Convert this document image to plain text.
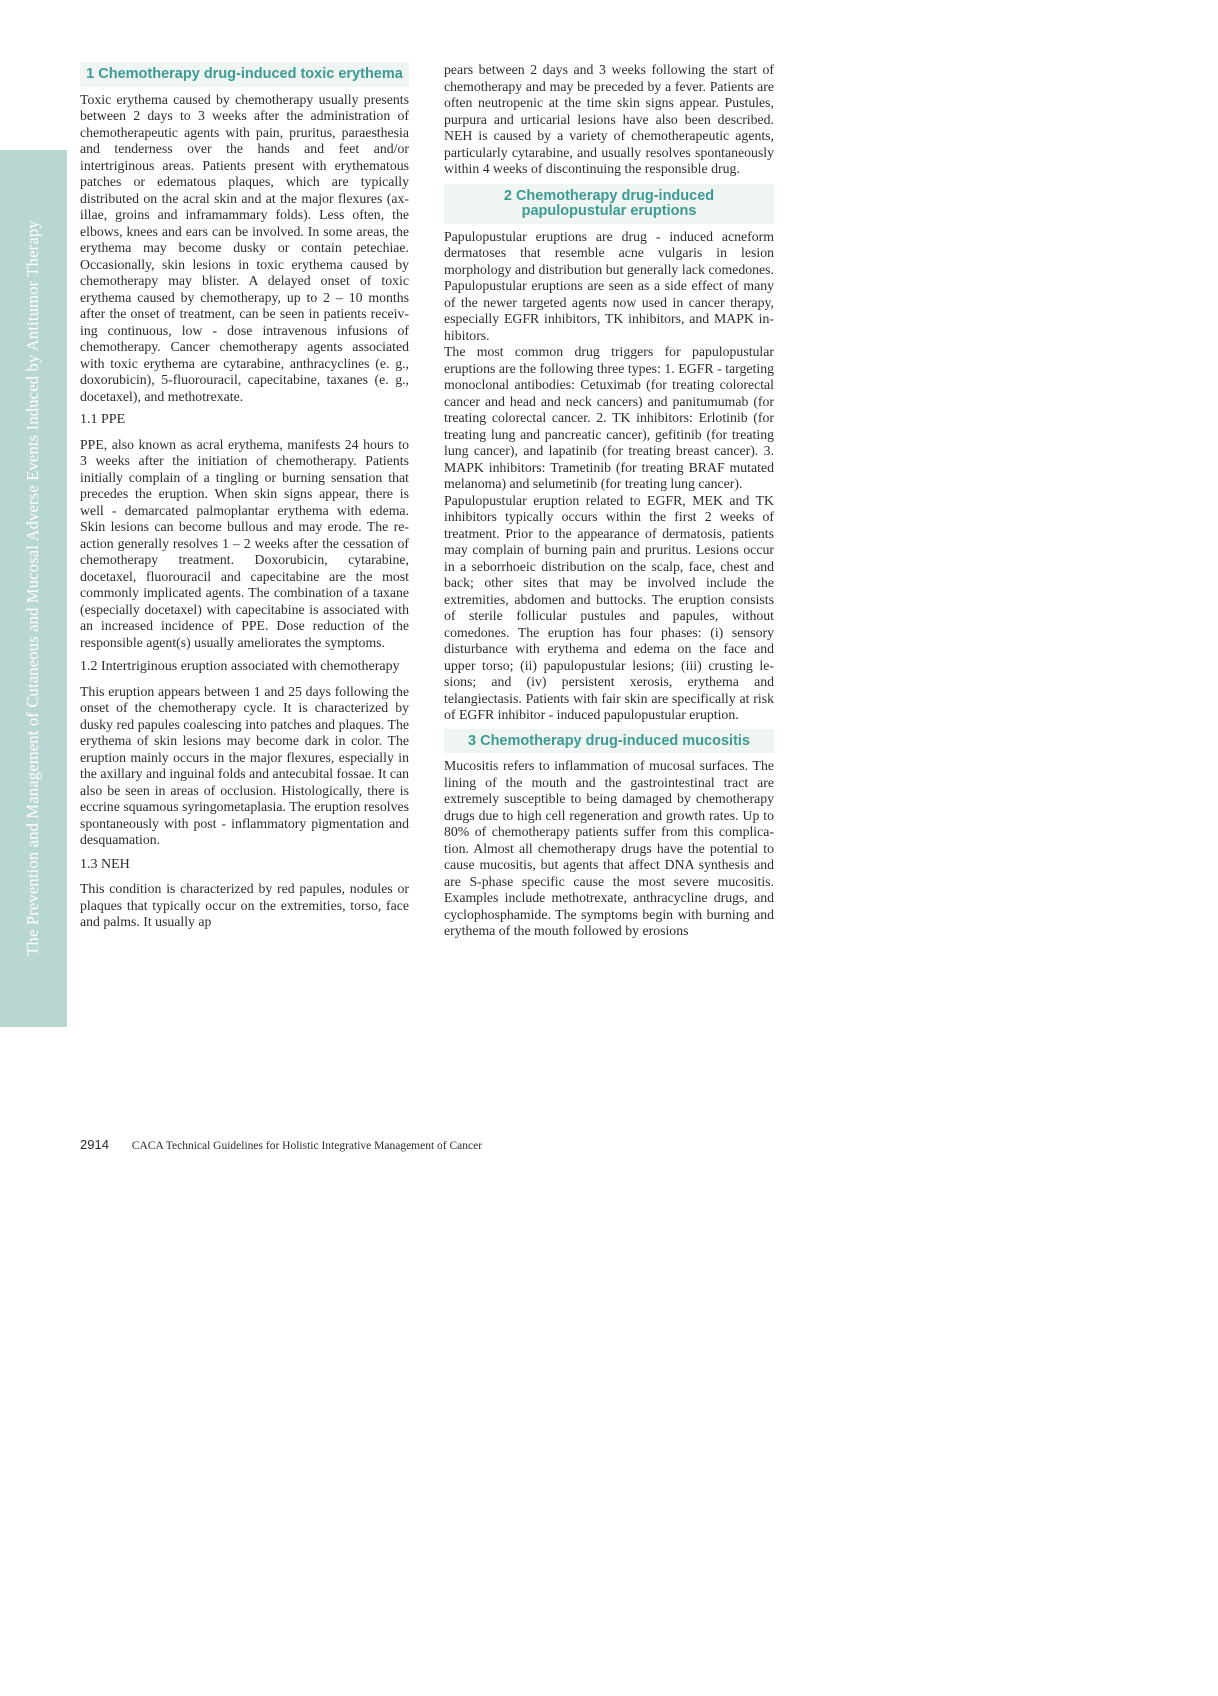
The Prevention and Management of Cutaneous and Mucosal Adverse Events Induced by Antitumor Therapy
1 Chemotherapy drug-induced toxic erythema

Toxic erythema caused by chemotherapy usually presents between 2 days to 3 weeks after the administration of chemotherapeutic agents with pain, pruritus, paraesthesia and tenderness over the hands and feet and/or intertriginous areas. Patients present with erythematous patches or edematous plaques, which are typically distributed on the acral skin and at the major flexures (axillae, groins and inframammary folds). Less often, the elbows, knees and ears can be involved. In some areas, the erythema may become dusky or contain petechiae. Occasionally, skin lesions in toxic erythema caused by chemotherapy may blister. A delayed onset of toxic erythema caused by chemotherapy, up to 2 – 10 months after the onset of treatment, can be seen in patients receiving continuous, low - dose intravenous infusions of chemotherapy. Cancer chemotherapy agents associated with toxic erythema are cytarabine, anthracyclines (e. g., doxorubicin), 5-fluorouracil, capecitabine, taxanes (e. g., docetaxel), and methotrexate.

1.1 PPE

PPE, also known as acral erythema, manifests 24 hours to 3 weeks after the initiation of chemotherapy. Patients initially complain of a tingling or burning sensation that precedes the eruption. When skin signs appear, there is well - demarcated palmoplantar erythema with edema. Skin lesions can become bullous and may erode. The reaction generally resolves 1 – 2 weeks after the cessation of chemotherapy treatment. Doxorubicin, cytarabine, docetaxel, fluorouracil and capecitabine are the most commonly implicated agents. The combination of a taxane (especially docetaxel) with capecitabine is associated with an increased incidence of PPE. Dose reduction of the responsible agent(s) usually ameliorates the symptoms.

1.2 Intertriginous eruption associated with chemotherapy

This eruption appears between 1 and 25 days following the onset of the chemotherapy cycle. It is characterized by dusky red papules coalescing into patches and plaques. The erythema of skin lesions may become dark in color. The eruption mainly occurs in the major flexures, especially in the axillary and inguinal folds and antecubital fossae. It can also be seen in areas of occlusion. Histologically, there is eccrine squamous syringometaplasia. The eruption resolves spontaneously with post - inflammatory pigmentation and desquamation.

1.3 NEH

This condition is characterized by red papules, nodules or plaques that typically occur on the extremities, torso, face and palms. It usually ap

pears between 2 days and 3 weeks following the start of chemotherapy and may be preceded by a fever. Patients are often neutropenic at the time skin signs appear. Pustules, purpura and urticarial lesions have also been described. NEH is caused by a variety of chemotherapeutic agents, particularly cytarabine, and usually resolves spontaneously within 4 weeks of discontinuing the responsible drug.

2 Chemotherapy drug-induced papulopustular eruptions

Papulopustular eruptions are drug - induced acneform dermatoses that resemble acne vulgaris in lesion morphology and distribution but generally lack comedones. Papulopustular eruptions are seen as a side effect of many of the newer targeted agents now used in cancer therapy, especially EGFR inhibitors, TK inhibitors, and MAPK inhibitors.

The most common drug triggers for papulopustular eruptions are the following three types: 1. EGFR - targeting monoclonal antibodies: Cetuximab (for treating colorectal cancer and head and neck cancers) and panitumumab (for treating colorectal cancer. 2. TK inhibitors: Erlotinib (for treating lung and pancreatic cancer), gefitinib (for treating lung cancer), and lapatinib (for treating breast cancer). 3. MAPK inhibitors: Trametinib (for treating BRAF mutated melanoma) and selumetinib (for treating lung cancer).

Papulopustular eruption related to EGFR, MEK and TK inhibitors typically occurs within the first 2 weeks of treatment. Prior to the appearance of dermatosis, patients may complain of burning pain and pruritus. Lesions occur in a seborrhoeic distribution on the scalp, face, chest and back; other sites that may be involved include the extremities, abdomen and buttocks. The eruption consists of sterile follicular pustules and papules, without comedones. The eruption has four phases: (i) sensory disturbance with erythema and edema on the face and upper torso; (ii) papulopustular lesions; (iii) crusting lesions; and (iv) persistent xerosis, erythema and telangiectasis. Patients with fair skin are specifically at risk of EGFR inhibitor - induced papulopustular eruption.

3 Chemotherapy drug-induced mucositis

Mucositis refers to inflammation of mucosal surfaces. The lining of the mouth and the gastrointestinal tract are extremely susceptible to being damaged by chemotherapy drugs due to high cell regeneration and growth rates. Up to 80% of chemotherapy patients suffer from this complication. Almost all chemotherapy drugs have the potential to cause mucositis, but agents that affect DNA synthesis and are S-phase specific cause the most severe mucositis. Examples include methotrexate, anthracycline drugs, and cyclophosphamide. The symptoms begin with burning and erythema of the mouth followed by erosions

2914 CACA Technical Guidelines for Holistic Integrative Management of Cancer
